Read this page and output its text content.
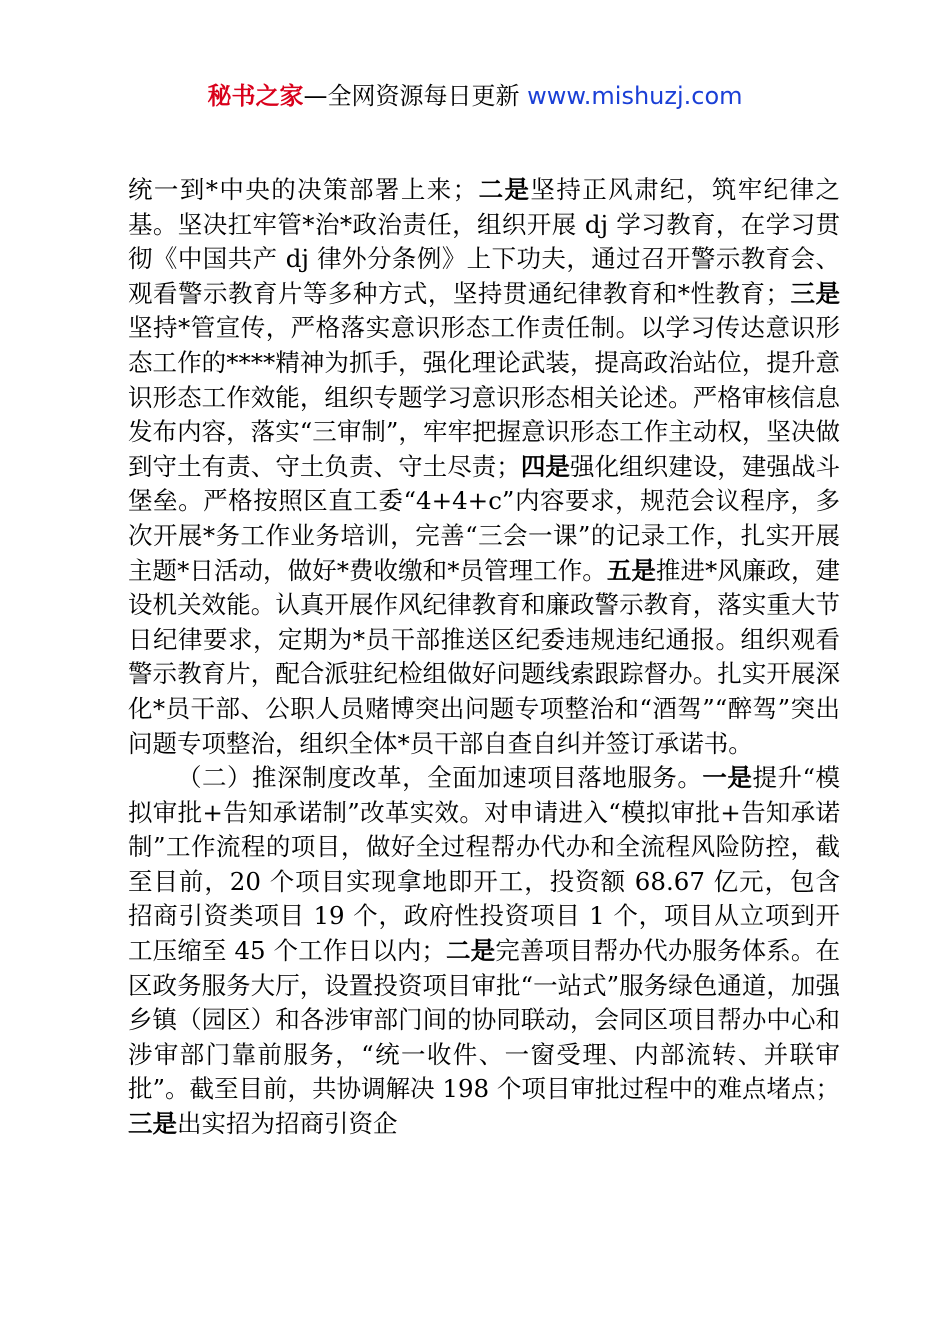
秘书之家—全网资源每日更新 www.mishuzj.com

统一到*中央的决策部署上来；二是坚持正风肃纪，筑牢纪律之基。坚决扛牢管*治*政治责任，组织开展 dj 学习教育，在学习贯彻《中国共产 dj 律外分条例》上下功夫，通过召开警示教育会、观看警示教育片等多种方式，坚持贯通纪律教育和*性教育；三是坚持*管宣传，严格落实意识形态工作责任制。以学习传达意识形态工作的****精神为抓手，强化理论武装，提高政治站位，提升意识形态工作效能，组织专题学习意识形态相关论述。严格审核信息发布内容，落实“三审制”，牢牢把握意识形态工作主动权，坚决做到守土有责、守土负责、守土尽责；四是强化组织建设，建强战斗堡垒。严格按照区直工委“4+4+c”内容要求，规范会议程序，多次开展*务工作业务培训，完善“三会一课”的记录工作，扎实开展主题*日活动，做好*费收缴和*员管理工作。五是推进*风廉政，建设机关效能。认真开展作风纪律教育和廉政警示教育，落实重大节日纪律要求，定期为*员干部推送区纪委违规违纪通报。组织观看警示教育片，配合派驻纪检组做好问题线索跟踪督办。扎实开展深化*员干部、公职人员赌博突出问题专项整治和“酒驾”“醉驾”突出问题专项整治，组织全体*员干部自查自纠并签订承诺书。

（二）推深制度改革，全面加速项目落地服务。一是提升“模拟审批+告知承诺制”改革实效。对申请进入“模拟审批+告知承诺制”工作流程的项目，做好全过程帮办代办和全流程风险防控，截至目前，20 个项目实现拿地即开工，投资额 68.67 亿元，包含招商引资类项目 19 个，政府性投资项目 1 个，项目从立项到开工压缩至 45 个工作日以内；二是完善项目帮办代办服务体系。在区政务服务大厅，设置投资项目审批“一站式”服务绿色通道，加强乡镇（园区）和各涉审部门间的协同联动，会同区项目帮办中心和涉审部门靠前服务，“统一收件、一窗受理、内部流转、并联审批”。截至目前，共协调解决 198 个项目审批过程中的难点堵点；三是出实招为招商引资企
